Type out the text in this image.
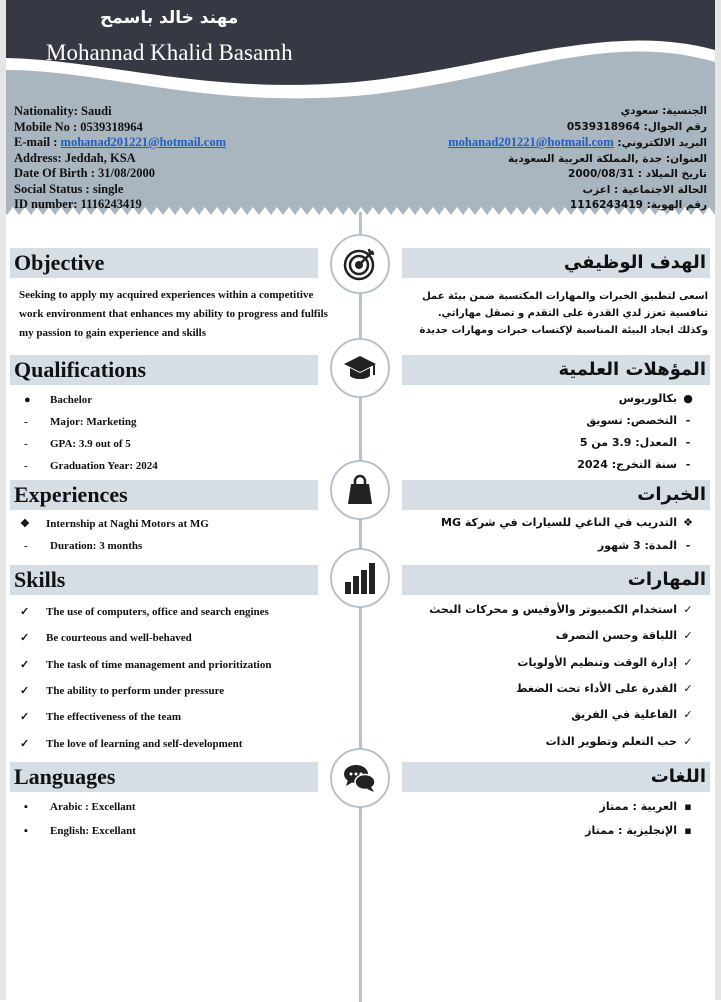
مهند خالد باسمح
Mohannad Khalid Basamh
Nationality: Saudi
Mobile No : 0539318964
E-mail : mohanad201221@hotmail.com
Address: Jeddah, KSA
Date Of Birth : 31/08/2000
Social Status : single
ID number: 1116243419
الجنسية: سعودي
رقم الجوال: 0539318964
البريد الالكتروني: mohanad201221@hotmail.com
العنوان: جدة ,المملكة العربية السعودية
تاريخ الميلاد : 2000/08/31
الحالة الاجتماعية : اعزب
رقم الهوية: 1116243419
Objective	الهدف الوظيفي
Seeking to apply my acquired experiences within a competitive work environment that enhances my ability to progress and fulfils my passion to gain experience and skills
اسعى لتطبيق الخبرات والمهارات المكتسبة ضمن بيئة عمل تنافسية تعزز لدي القدرة على التقدم و تصقل مهاراتي. وكذلك ايجاد البيئة المناسبة لإكتساب خبرات ومهارات جديدة
Qualifications	المؤهلات العلمية
● Bachelor
- Major: Marketing
- GPA: 3.9 out of 5
- Graduation Year: 2024
●بكالوريوس
-التخصص: تسويق
-المعدل: 3.9 من 5
-سنة التخرج: 2024
Experiences	الخبرات
❖ Internship at Naghi Motors at MG
- Duration: 3 months
❖التدريب في الناغي للسيارات في شركة MG
-المدة: 3 شهور
Skills	المهارات
✓ The use of computers, office and search engines
✓ Be courteous and well-behaved
✓ The task of time management and prioritization
✓ The ability to perform under pressure
✓ The effectiveness of the team
✓ The love of learning and self-development
✓استخدام الكمبيوتر والأوفيس و محركات البحث
✓اللباقة وحسن التصرف
✓إدارة الوقت وتنظيم الأولويات
✓القدرة على الأداء تحت الضغط
✓الفاعلية في الفريق
✓حب التعلم وتطوير الذات
Languages	اللغات
▪ Arabic : Excellant
▪ English: Excellant
▪العربية : ممتاز
▪الإنجليزية : ممتاز
